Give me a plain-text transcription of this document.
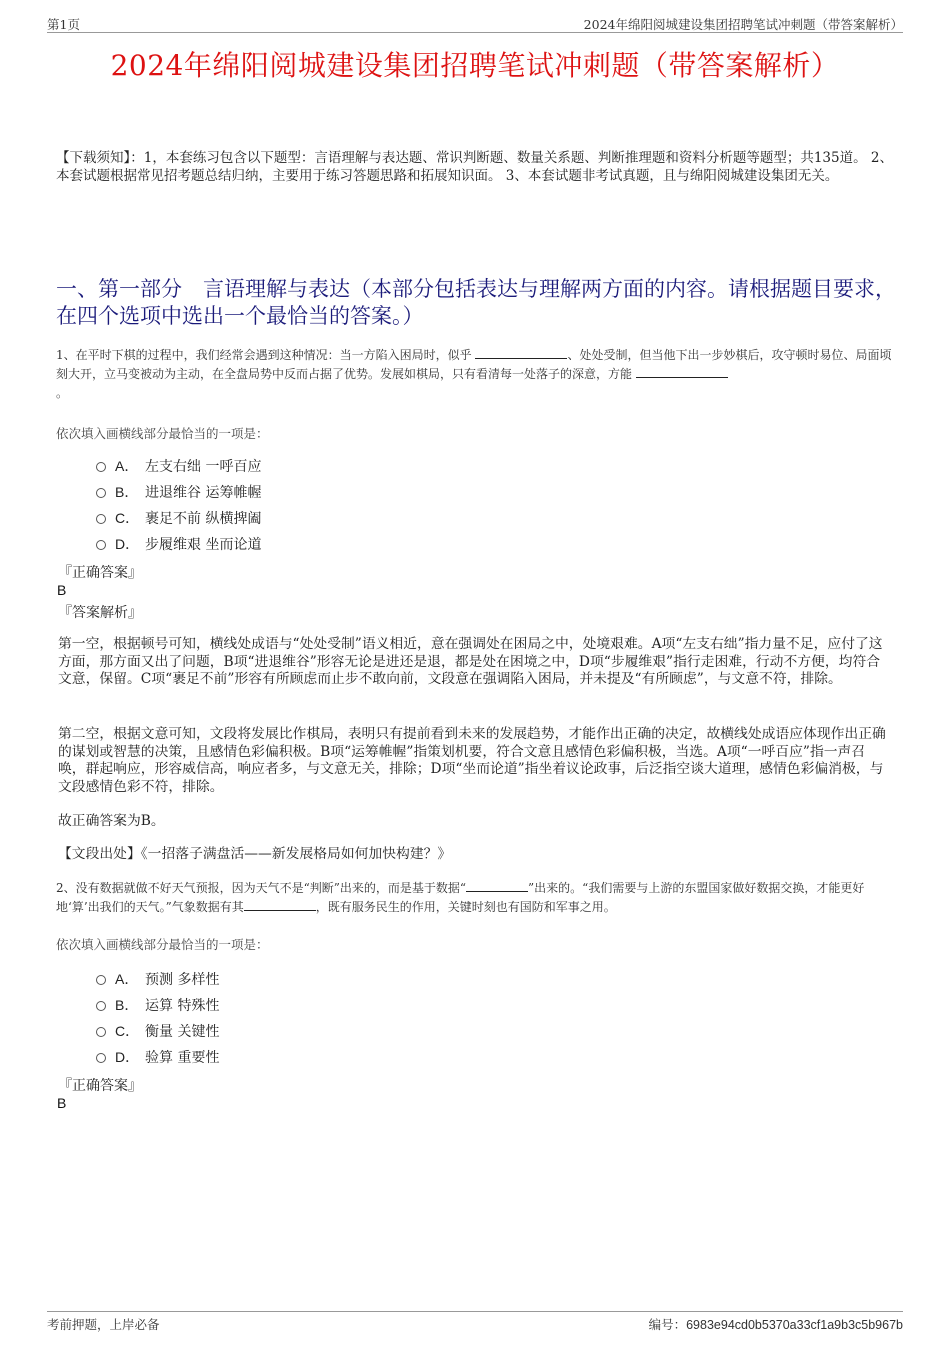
第1页	2024年绵阳阅城建设集团招聘笔试冲刺题（带答案解析）
2024年绵阳阅城建设集团招聘笔试冲刺题（带答案解析）
【下载须知】：1，本套练习包含以下题型：言语理解与表达题、常识判断题、数量关系题、判断推理题和资料分析题等题型；共135道。 2、本套试题根据常见招考题总结归纳，主要用于练习答题思路和拓展知识面。 3、本套试题非考试真题，且与绵阳阅城建设集团无关。
一、第一部分　言语理解与表达（本部分包括表达与理解两方面的内容。请根据题目要求，在四个选项中选出一个最恰当的答案。）
1、在平时下棋的过程中，我们经常会遇到这种情况：当一方陷入困局时，似乎	、处处受制，但当他下出一步妙棋后，攻守顿时易位、局面顷刻大开，立马变被动为主动，在全盘局势中反而占据了优势。发展如棋局，只有看清每一处落子的深意，方能
。
依次填入画横线部分最恰当的一项是：
A． 左支右绌 一呼百应
B． 进退维谷 运筹帷幄
C． 裹足不前 纵横捭阖
D． 步履维艰 坐而论道
『正确答案』
B
『答案解析』
第一空，根据顿号可知，横线处成语与“处处受制”语义相近，意在强调处在困局之中，处境艰难。A项“左支右绌”指力量不足，应付了这方面，那方面又出了问题，B项“进退维谷”形容无论是进还是退，都是处在困境之中，D项“步履维艰”指行走困难，行动不方便，均符合文意，保留。C项“裹足不前”形容有所顾虑而止步不敢向前，文段意在强调陷入困局，并未提及“有所顾虑”，与文意不符，排除。
第二空，根据文意可知，文段将发展比作棋局，表明只有提前看到未来的发展趋势，才能作出正确的决定，故横线处成语应体现作出正确的谋划或智慧的决策，且感情色彩偏积极。B项“运筹帷幄”指策划机要，符合文意且感情色彩偏积极，当选。A项“一呼百应”指一声召唤，群起响应，形容威信高，响应者多，与文意无关，排除；D项“坐而论道”指坐着议论政事，后泛指空谈大道理，感情色彩偏消极，与文段感情色彩不符，排除。
故正确答案为B。
【文段出处】《一招落子满盘活——新发展格局如何加快构建？》
2、没有数据就做不好天气预报，因为天气不是“判断”出来的，而是基于数据“	”出来的。“我们需要与上游的东盟国家做好数据交换，才能更好地‘算’出我们的天气。”气象数据有其	，既有服务民生的作用，关键时刻也有国防和军事之用。
依次填入画横线部分最恰当的一项是：
A． 预测 多样性
B． 运算 特殊性
C． 衡量 关键性
D． 验算 重要性
『正确答案』
B
考前押题，上岸必备	编号：6983e94cd0b5370a33cf1a9b3c5b967b
